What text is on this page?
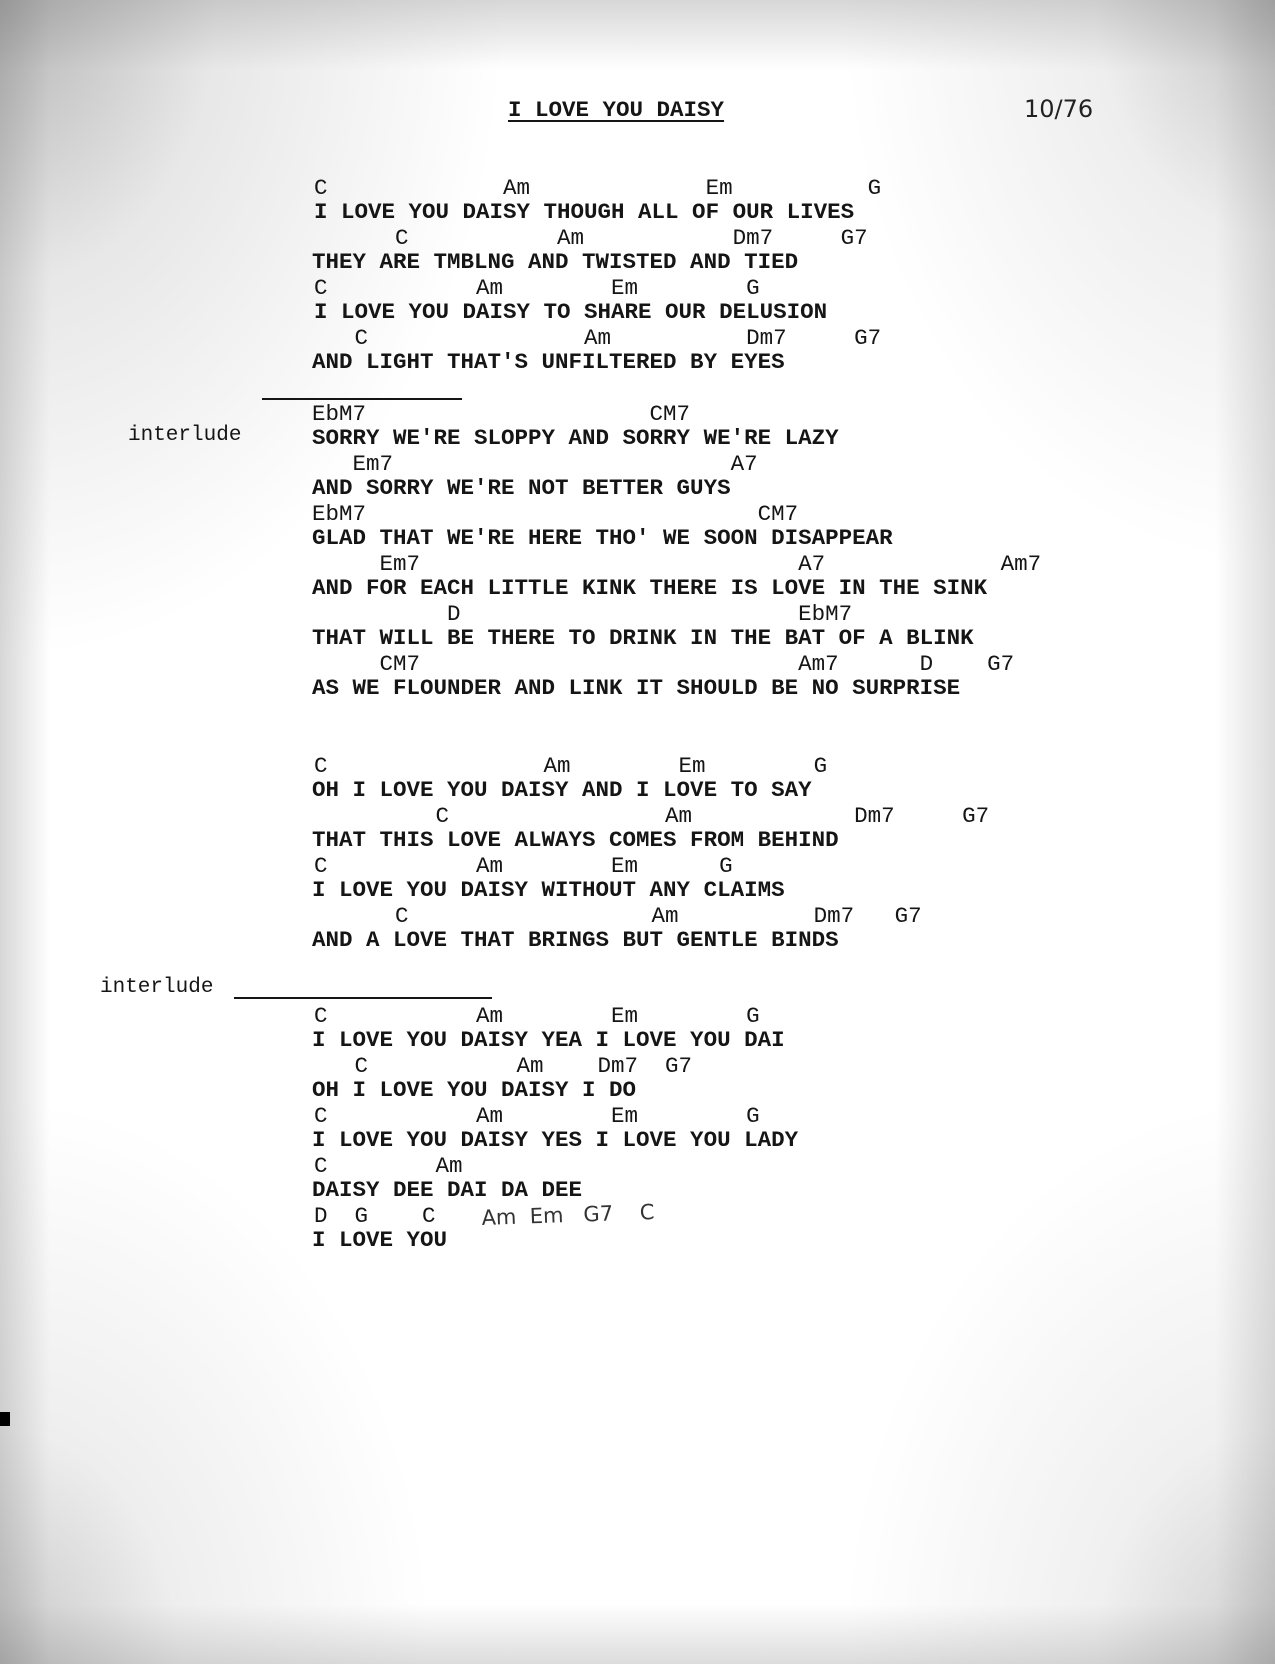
I LOVE YOU DAISY	10/76
C             Am             Em          G
I LOVE YOU DAISY THOUGH ALL OF OUR LIVES
C           Am           Dm7     G7
THEY ARE TMBLNG AND TWISTED AND TIED
C           Am        Em        G
I LOVE YOU DAISY TO SHARE OUR DELUSION
C                Am          Dm7     G7
AND LIGHT THAT'S UNFILTERED BY EYES
interlude
EbM7                     CM7
SORRY WE'RE SLOPPY AND SORRY WE'RE LAZY
Em7                         A7
AND SORRY WE'RE NOT BETTER GUYS
EbM7                             CM7
GLAD THAT WE'RE HERE THO' WE SOON DISAPPEAR
Em7                            A7             Am7
AND FOR EACH LITTLE KINK THERE IS LOVE IN THE SINK
D                         EbM7
THAT WILL BE THERE TO DRINK IN THE BAT OF A BLINK
CM7                            Am7      D    G7
AS WE FLOUNDER AND LINK IT SHOULD BE NO SURPRISE
C                Am        Em        G
OH I LOVE YOU DAISY AND I LOVE TO SAY
C                Am            Dm7     G7
THAT THIS LOVE ALWAYS COMES FROM BEHIND
C           Am        Em      G
I LOVE YOU DAISY WITHOUT ANY CLAIMS
C                  Am          Dm7   G7
AND A LOVE THAT BRINGS BUT GENTLE BINDS
interlude
C           Am        Em        G
I LOVE YOU DAISY YEA I LOVE YOU DAI
C           Am    Dm7  G7
OH I LOVE YOU DAISY I DO
C           Am        Em        G
I LOVE YOU DAISY YES I LOVE YOU LADY
C        Am
DAISY DEE DAI DA DEE
D  G    C Am  Em   G7    C
I LOVE YOU
